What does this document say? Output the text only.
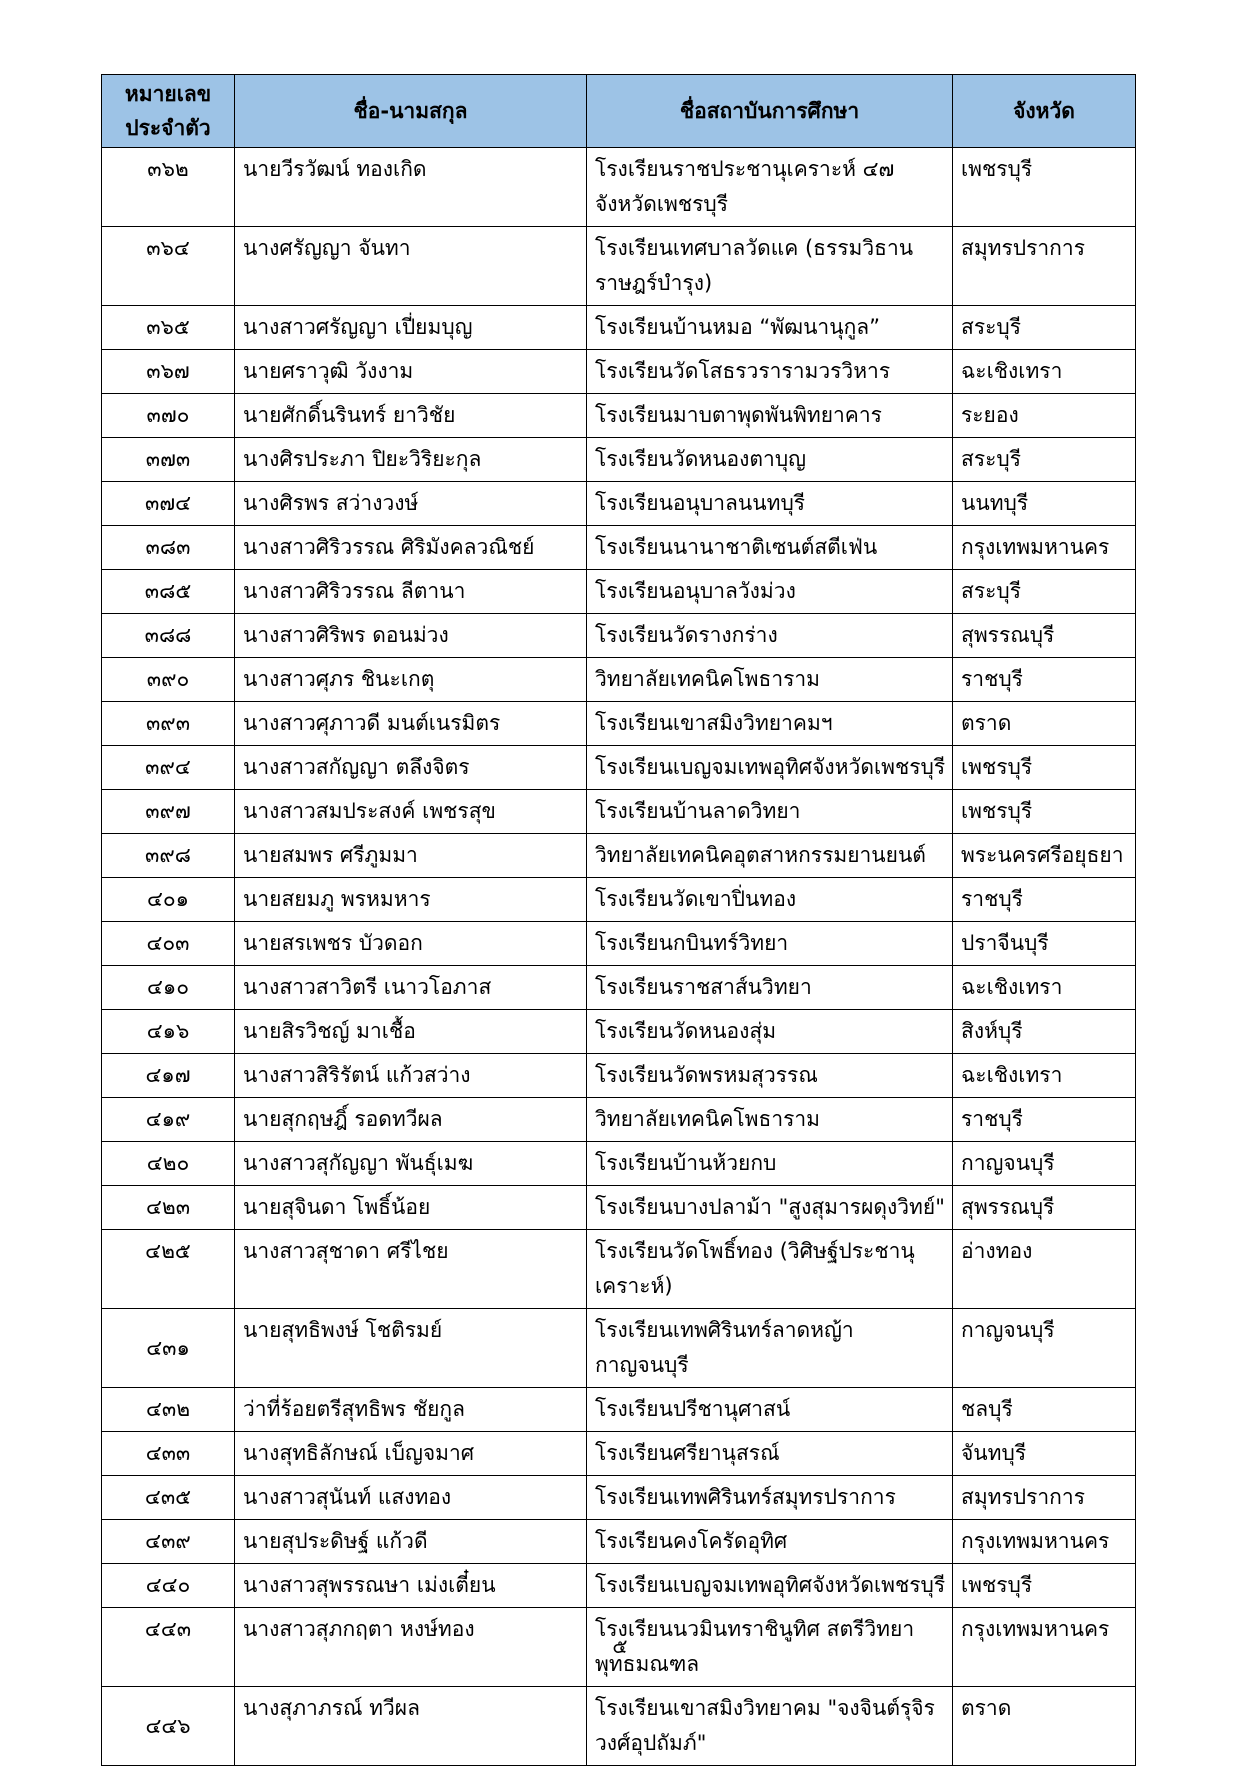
หมายเลขประจำตัว	ชื่อ-นามสกุล	ชื่อสถาบันการศึกษา	จังหวัด
๓๖๒	นายวีรวัฒน์ ทองเกิด	โรงเรียนราชประชานุเคราะห์ ๔๗ จังหวัดเพชรบุรี	เพชรบุรี
๓๖๔	นางศรัญญา จันทา	โรงเรียนเทศบาลวัดแค (ธรรมวิธานราษฎร์บำรุง)	สมุทรปราการ
๓๖๕	นางสาวศรัญญา เปี่ยมบุญ	โรงเรียนบ้านหมอ “พัฒนานุกูล”	สระบุรี
๓๖๗	นายศราวุฒิ วังงาม	โรงเรียนวัดโสธรวรารามวรวิหาร	ฉะเชิงเทรา
๓๗๐	นายศักดิ์นรินทร์ ยาวิชัย	โรงเรียนมาบตาพุดพันพิทยาคาร	ระยอง
๓๗๓	นางศิรประภา ปิยะวิริยะกุล	โรงเรียนวัดหนองตาบุญ	สระบุรี
๓๗๔	นางศิรพร สว่างวงษ์	โรงเรียนอนุบาลนนทบุรี	นนทบุรี
๓๘๓	นางสาวศิริวรรณ ศิริมังคลวณิชย์	โรงเรียนนานาชาติเซนต์สตีเฟ่น	กรุงเทพมหานคร
๓๘๕	นางสาวศิริวรรณ ลีตานา	โรงเรียนอนุบาลวังม่วง	สระบุรี
๓๘๘	นางสาวศิริพร ดอนม่วง	โรงเรียนวัดรางกร่าง	สุพรรณบุรี
๓๙๐	นางสาวศุภร ชินะเกตุ	วิทยาลัยเทคนิคโพธาราม	ราชบุรี
๓๙๓	นางสาวศุภาวดี มนต์เนรมิตร	โรงเรียนเขาสมิงวิทยาคมฯ	ตราด
๓๙๔	นางสาวสกัญญา ตลึงจิตร	โรงเรียนเบญจมเทพอุทิศจังหวัดเพชรบุรี	เพชรบุรี
๓๙๗	นางสาวสมประสงค์ เพชรสุข	โรงเรียนบ้านลาดวิทยา	เพชรบุรี
๓๙๘	นายสมพร ศรีภูมมา	วิทยาลัยเทคนิคอุตสาหกรรมยานยนต์	พระนครศรีอยุธยา
๔๐๑	นายสยมภู พรหมหาร	โรงเรียนวัดเขาปิ่นทอง	ราชบุรี
๔๐๓	นายสรเพชร บัวดอก	โรงเรียนกบินทร์วิทยา	ปราจีนบุรี
๔๑๐	นางสาวสาวิตรี เนาวโอภาส	โรงเรียนราชสาส์นวิทยา	ฉะเชิงเทรา
๔๑๖	นายสิรวิชญ์ มาเชื้อ	โรงเรียนวัดหนองสุ่ม	สิงห์บุรี
๔๑๗	นางสาวสิริรัตน์ แก้วสว่าง	โรงเรียนวัดพรหมสุวรรณ	ฉะเชิงเทรา
๔๑๙	นายสุกฤษฎิ์ รอดทวีผล	วิทยาลัยเทคนิคโพธาราม	ราชบุรี
๔๒๐	นางสาวสุกัญญา พันธุ์เมฆ	โรงเรียนบ้านห้วยกบ	กาญจนบุรี
๔๒๓	นายสุจินดา โพธิ์น้อย	โรงเรียนบางปลาม้า "สูงสุมารผดุงวิทย์"	สุพรรณบุรี
๔๒๕	นางสาวสุชาดา ศรีไชย	โรงเรียนวัดโพธิ์ทอง (วิศิษฐ์ประชานุเคราะห์)	อ่างทอง
๔๓๑	นายสุทธิพงษ์ โชติรมย์	โรงเรียนเทพศิรินทร์ลาดหญ้า กาญจนบุรี	กาญจนบุรี
๔๓๒	ว่าที่ร้อยตรีสุทธิพร ชัยกูล	โรงเรียนปรีชานุศาสน์	ชลบุรี
๔๓๓	นางสุทธิลักษณ์ เบ็ญจมาศ	โรงเรียนศรียานุสรณ์	จันทบุรี
๔๓๕	นางสาวสุนันท์ แสงทอง	โรงเรียนเทพศิรินทร์สมุทรปราการ	สมุทรปราการ
๔๓๙	นายสุประดิษฐ์ แก้วดี	โรงเรียนคงโครัดอุทิศ	กรุงเทพมหานคร
๔๔๐	นางสาวสุพรรณษา เม่งเตี๋ยน	โรงเรียนเบญจมเทพอุทิศจังหวัดเพชรบุรี	เพชรบุรี
๔๔๓	นางสาวสุภกฤตา หงษ์ทอง	โรงเรียนนวมินทราชินูทิศ สตรีวิทยา พุทธมณฑล	กรุงเทพมหานคร
๔๔๖	นางสุภาภรณ์ ทวีผล	โรงเรียนเขาสมิงวิทยาคม "จงจินต์รุจิรวงศ์อุปถัมภ์"	ตราด
๕
